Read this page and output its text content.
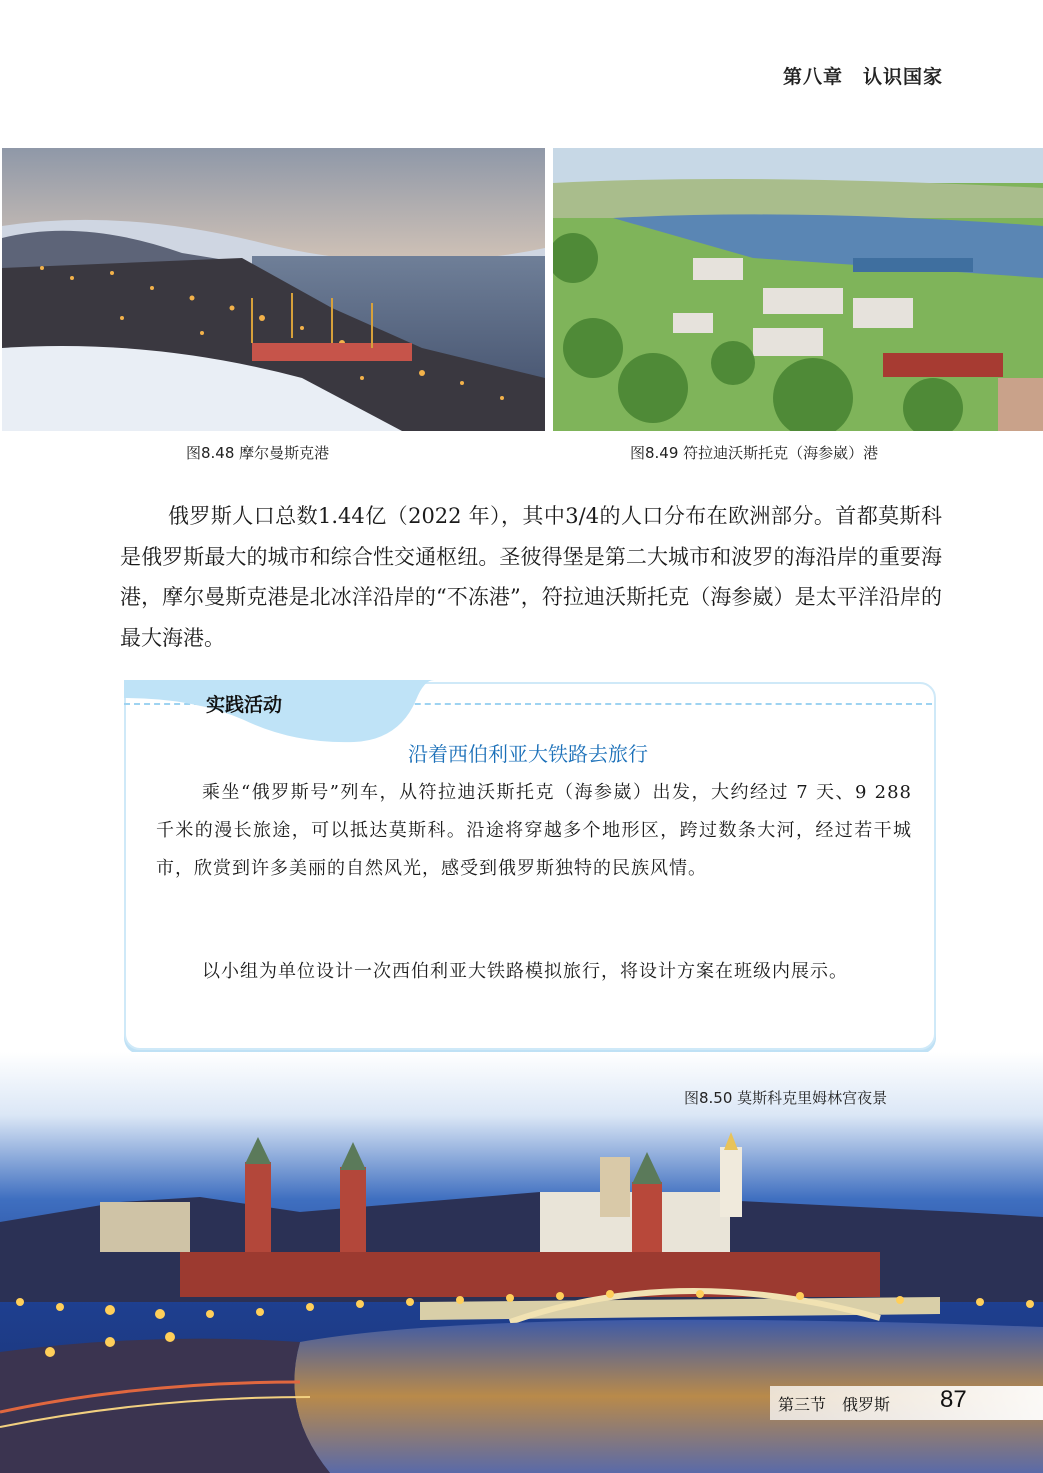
第八章　认识国家
图8.48 摩尔曼斯克港	图8.49 符拉迪沃斯托克（海参崴）港

俄罗斯人口总数1.44亿（2022 年），其中3/4的人口分布在欧洲部分。首都莫斯科是俄罗斯最大的城市和综合性交通枢纽。圣彼得堡是第二大城市和波罗的海沿岸的重要海港，摩尔曼斯克港是北冰洋沿岸的“不冻港”，符拉迪沃斯托克（海参崴）是太平洋沿岸的最大海港。

实践活动
沿着西伯利亚大铁路去旅行

乘坐“俄罗斯号”列车，从符拉迪沃斯托克（海参崴）出发，大约经过 7 天、9 288 千米的漫长旅途，可以抵达莫斯科。沿途将穿越多个地形区，跨过数条大河，经过若干城市，欣赏到许多美丽的自然风光，感受到俄罗斯独特的民族风情。

以小组为单位设计一次西伯利亚大铁路模拟旅行，将设计方案在班级内展示。

图8.50 莫斯科克里姆林宫夜景
第三节　俄罗斯 87
